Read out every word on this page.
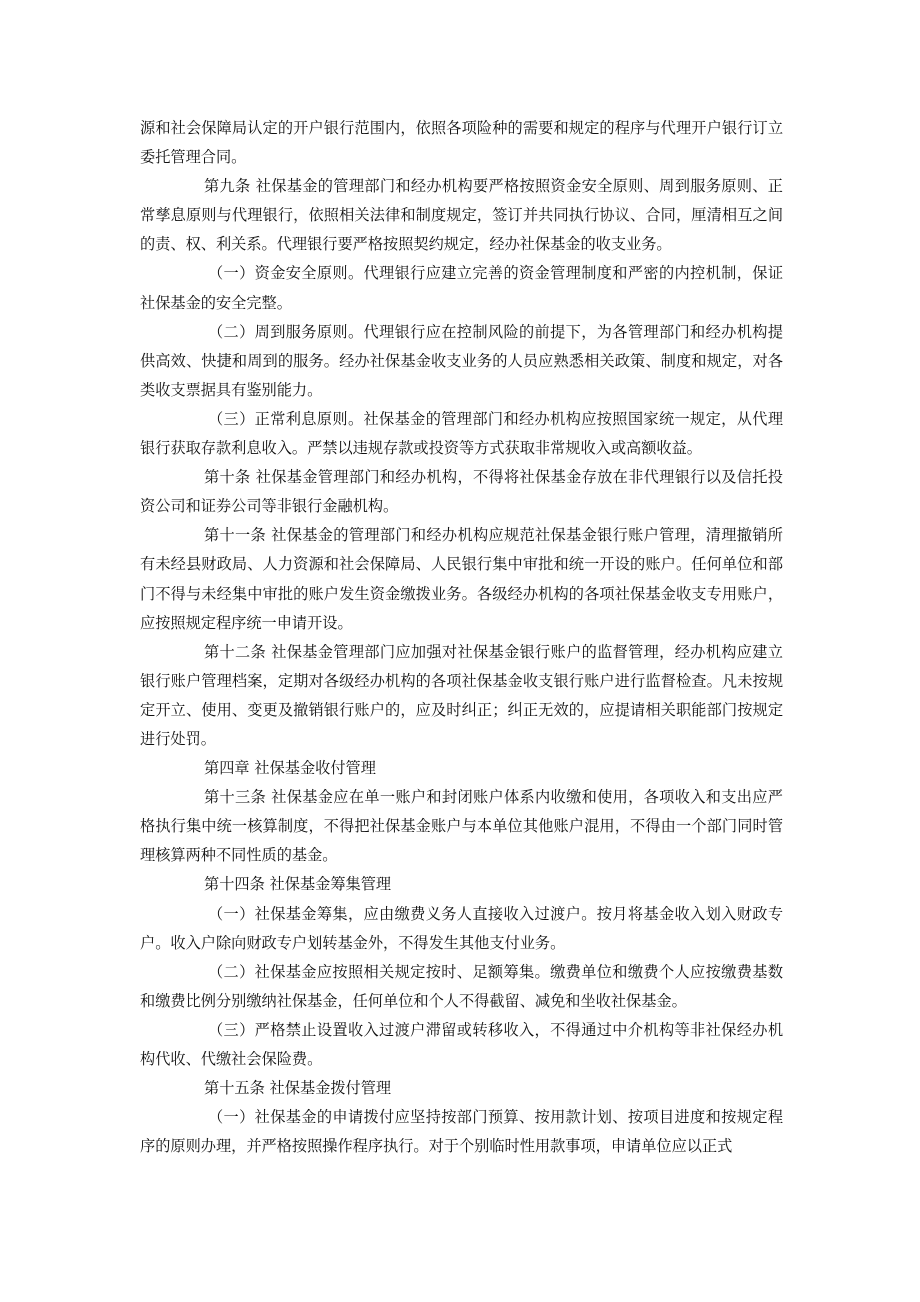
源和社会保障局认定的开户银行范围内，依照各项险种的需要和规定的程序与代理开户银行订立委托管理合同。

第九条 社保基金的管理部门和经办机构要严格按照资金安全原则、周到服务原则、正常孳息原则与代理银行，依照相关法律和制度规定，签订并共同执行协议、合同，厘清相互之间的责、权、利关系。代理银行要严格按照契约规定，经办社保基金的收支业务。

（一）资金安全原则。代理银行应建立完善的资金管理制度和严密的内控机制，保证社保基金的安全完整。

（二）周到服务原则。代理银行应在控制风险的前提下，为各管理部门和经办机构提供高效、快捷和周到的服务。经办社保基金收支业务的人员应熟悉相关政策、制度和规定，对各类收支票据具有鉴别能力。

（三）正常利息原则。社保基金的管理部门和经办机构应按照国家统一规定，从代理银行获取存款利息收入。严禁以违规存款或投资等方式获取非常规收入或高额收益。

第十条 社保基金管理部门和经办机构，不得将社保基金存放在非代理银行以及信托投资公司和证券公司等非银行金融机构。

第十一条 社保基金的管理部门和经办机构应规范社保基金银行账户管理，清理撤销所有未经县财政局、人力资源和社会保障局、人民银行集中审批和统一开设的账户。任何单位和部门不得与未经集中审批的账户发生资金缴拨业务。各级经办机构的各项社保基金收支专用账户，应按照规定程序统一申请开设。

第十二条 社保基金管理部门应加强对社保基金银行账户的监督管理，经办机构应建立银行账户管理档案，定期对各级经办机构的各项社保基金收支银行账户进行监督检查。凡未按规定开立、使用、变更及撤销银行账户的，应及时纠正；纠正无效的，应提请相关职能部门按规定进行处罚。

第四章 社保基金收付管理

第十三条 社保基金应在单一账户和封闭账户体系内收缴和使用，各项收入和支出应严格执行集中统一核算制度，不得把社保基金账户与本单位其他账户混用，不得由一个部门同时管理核算两种不同性质的基金。

第十四条 社保基金筹集管理

（一）社保基金筹集，应由缴费义务人直接收入过渡户。按月将基金收入划入财政专户。收入户除向财政专户划转基金外，不得发生其他支付业务。

（二）社保基金应按照相关规定按时、足额筹集。缴费单位和缴费个人应按缴费基数和缴费比例分别缴纳社保基金，任何单位和个人不得截留、减免和坐收社保基金。

（三）严格禁止设置收入过渡户滞留或转移收入，不得通过中介机构等非社保经办机构代收、代缴社会保险费。

第十五条 社保基金拨付管理

（一）社保基金的申请拨付应坚持按部门预算、按用款计划、按项目进度和按规定程序的原则办理，并严格按照操作程序执行。对于个别临时性用款事项，申请单位应以正式
